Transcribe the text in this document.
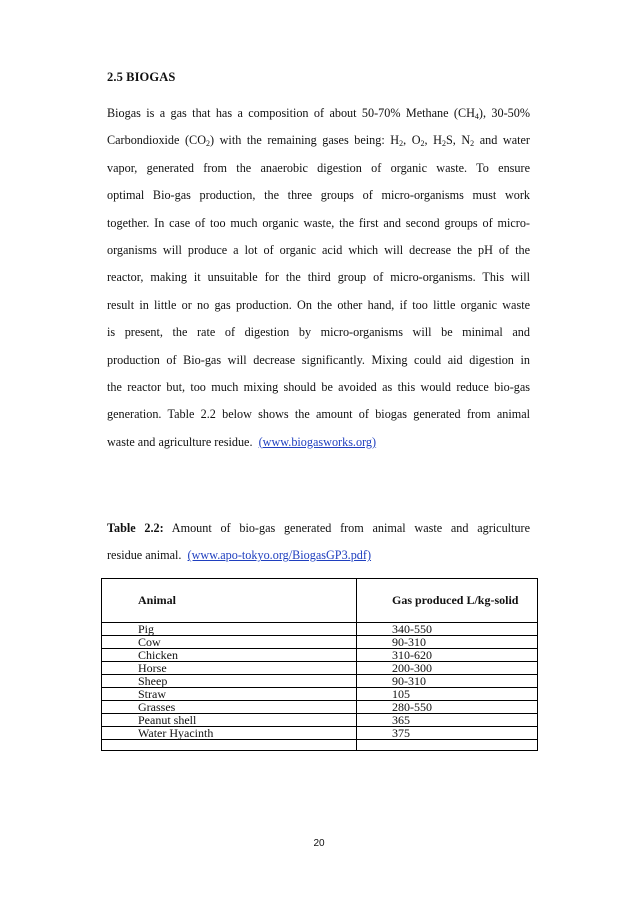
2.5 BIOGAS
Biogas is a gas that has a composition of about 50-70% Methane $(CH_4)$, 30-50%
Carbondioxide $(CO_2)$ with the remaining gases being: $H_2$, $O_2$, $H_2S$, $N_2$ and water
vapor, generated from the anaerobic digestion of organic waste. To ensure
optimal Bio-gas production, the three groups of micro-organisms must work
together. In case of too much organic waste, the first and second groups of micro-
organisms will produce a lot of organic acid which will decrease the pH of the
reactor, making it unsuitable for the third group of micro-organisms. This will
result in little or no gas production. On the other hand, if too little organic waste
is present, the rate of digestion by micro-organisms will be minimal and
production of Bio-gas will decrease significantly. Mixing could aid digestion in
the reactor but, too much mixing should be avoided as this would reduce bio-gas
generation. Table 2.2 below shows the amount of biogas generated from animal
waste and agriculture residue. (www.biogasworks.org)
Table 2.2: Amount of bio-gas generated from animal waste and agriculture
residue animal. (www.apo-tokyo.org/BiogasGP3.pdf)
Animal	Gas produced L/kg-solid
Pig	340-550
Cow	90-310
Chicken	310-620
Horse	200-300
Sheep	90-310
Straw	105
Grasses	280-550
Peanut shell	365
Water Hyacinth	375

20
